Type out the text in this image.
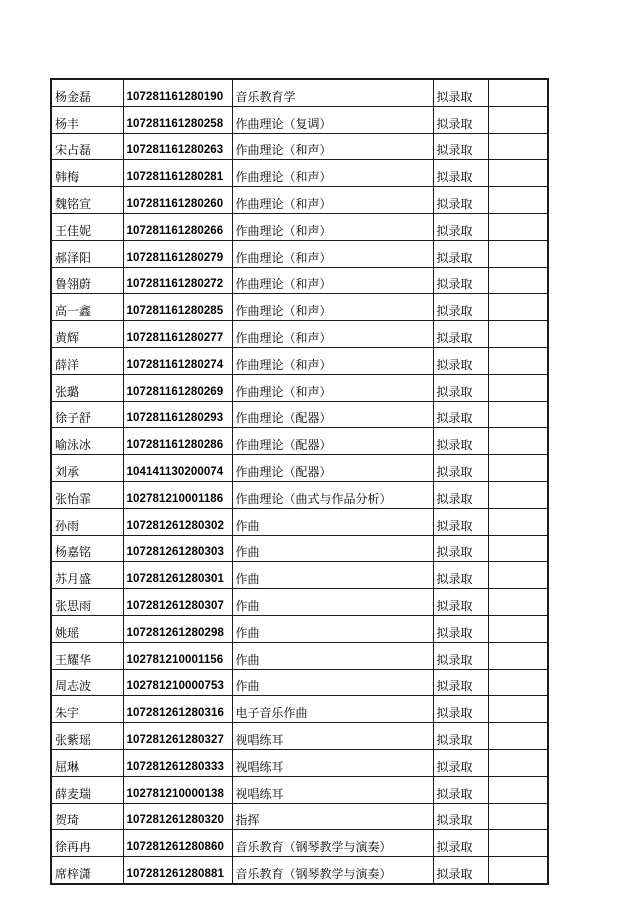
杨金磊	107281161280190	音乐教育学	拟录取	
杨丰	107281161280258	作曲理论（复调）	拟录取	
宋占磊	107281161280263	作曲理论（和声）	拟录取	
韩梅	107281161280281	作曲理论（和声）	拟录取	
魏铭宣	107281161280260	作曲理论（和声）	拟录取	
王佳妮	107281161280266	作曲理论（和声）	拟录取	
郝泽阳	107281161280279	作曲理论（和声）	拟录取	
鲁翎蔚	107281161280272	作曲理论（和声）	拟录取	
高一鑫	107281161280285	作曲理论（和声）	拟录取	
黄辉	107281161280277	作曲理论（和声）	拟录取	
薛洋	107281161280274	作曲理论（和声）	拟录取	
张璐	107281161280269	作曲理论（和声）	拟录取	
徐子舒	107281161280293	作曲理论（配器）	拟录取	
喻泳冰	107281161280286	作曲理论（配器）	拟录取	
刘承	104141130200074	作曲理论（配器）	拟录取	
张怡霏	102781210001186	作曲理论（曲式与作品分析）	拟录取	
孙雨	107281261280302	作曲	拟录取	
杨嘉铭	107281261280303	作曲	拟录取	
苏月盛	107281261280301	作曲	拟录取	
张思雨	107281261280307	作曲	拟录取	
姚瑶	107281261280298	作曲	拟录取	
王耀华	102781210001156	作曲	拟录取	
周志波	102781210000753	作曲	拟录取	
朱宇	107281261280316	电子音乐作曲	拟录取	
张紫瑶	107281261280327	视唱练耳	拟录取	
屈琳	107281261280333	视唱练耳	拟录取	
薛麦瑞	102781210000138	视唱练耳	拟录取	
贺琦	107281261280320	指挥	拟录取	
徐再冉	107281261280860	音乐教育（钢琴教学与演奏）	拟录取	
席梓潇	107281261280881	音乐教育（钢琴教学与演奏）	拟录取	
